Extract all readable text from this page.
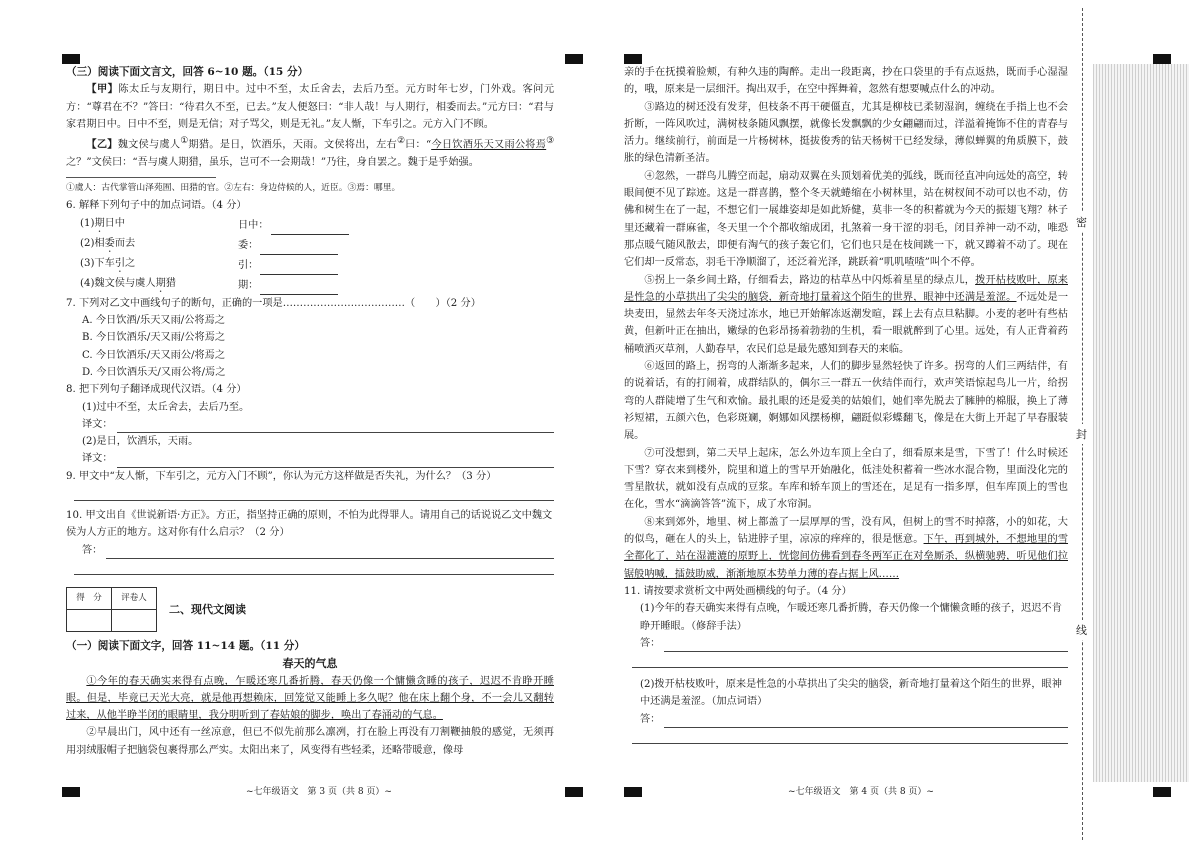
（三）阅读下面文言文，回答 6~10 题。（15 分）

【甲】陈太丘与友期行，期日中。过中不至，太丘舍去，去后乃至。元方时年七岁，门外戏。客问元方：“尊君在不？”答曰：“待君久不至，已去。”友人便怒曰：“非人哉！与人期行，相委而去。”元方曰：“君与家君期日中。日中不至，则是无信；对子骂父，则是无礼。”友人惭，下车引之。元方入门不顾。

【乙】魏文侯与虞人①期猎。是日，饮酒乐，天雨。文侯将出，左右②曰：“今日饮酒乐天又雨公将焉③之？”文侯曰：“吾与虞人期猎，虽乐，岂可不一会期哉！”乃往，身自罢之。魏于是乎始强。

①虞人：古代掌管山泽苑囿、田猎的官。②左右：身边侍候的人，近臣。③焉：哪里。

6. 解释下列句子中的加点词语。（4 分）

(1)期日中	日中：
(2)相委而去	委：
(3)下车引之	引：
(4)魏文侯与虞人期猎	期：

7. 下列对乙文中画线句子的断句，正确的一项是………………………………（　　）（2 分）

A. 今日饮酒/乐天又雨/公将焉之

B. 今日饮酒乐/天又雨/公将焉之

C. 今日饮酒乐/天又雨公/将焉之

D. 今日饮酒乐天/又雨公将/焉之

8. 把下列句子翻译成现代汉语。（4 分）

(1)过中不至，太丘舍去，去后乃至。

译文：

(2)是日，饮酒乐，天雨。

译文：

9. 甲文中“友人惭，下车引之，元方入门不顾”，你认为元方这样做是否失礼，为什么？（3 分）

10. 甲文出自《世说新语·方正》。方正，指坚持正确的原则，不怕为此得罪人。请用自己的话说说乙文中魏文侯为人方正的地方。这对你有什么启示？（2 分）

答：
得　分	评卷人

二、现代文阅读

（一）阅读下面文字，回答 11~14 题。（11 分）

春天的气息

①今年的春天确实来得有点晚，乍暖还寒几番折腾，春天仍像一个慵懒贪睡的孩子，迟迟不肯睁开睡眼。但是，毕竟已天光大亮，就是他再想赖床，回笼觉又能睡上多久呢？他在床上翻个身，不一会儿又翻转过来，从他半睁半闭的眼睛里，我分明听到了春姑娘的脚步，唤出了春涌动的气息。

②早晨出门，风中还有一丝凉意，但已不似先前那么凛冽，打在脸上再没有刀割鞭抽般的感觉，无须再用羽绒服帽子把脑袋包裹得那么严实。太阳出来了，风变得有些轻柔，还略带暖意，像母

~七年级语文　第 3 页（共 8 页）~

亲的手在抚摸着脸颊，有种久违的陶醉。走出一段距离，抄在口袋里的手有点返热，既而手心湿湿的，哦，原来是一层细汗。掏出双手，在空中挥舞着，忽然有想要喊点什么的冲动。

③路边的树还没有发芽，但枝条不再干硬僵直，尤其是柳枝已柔韧湿润，缠绕在手指上也不会折断，一阵风吹过，满树枝条随风飘摆，就像长发飘飘的少女翩翩而过，洋溢着掩饰不住的青春与活力。继续前行，前面是一片杨树林，挺拔俊秀的钻天杨树干已经发绿，薄似蝉翼的角质膜下，鼓胀的绿色清新圣洁。

④忽然，一群鸟儿腾空而起，扇动双翼在头顶划着优美的弧线，既而径直冲向远处的高空，转眼间便不见了踪迹。这是一群喜鹊，整个冬天就蜷缩在小树林里，站在树杈间不动可以也不动，仿佛和树生在了一起，不想它们一展雄姿却是如此矫健，莫非一冬的积蓄就为今天的振翅飞翔？林子里还藏着一群麻雀，冬天里一个个都收缩成团，扎煞着一身干涩的羽毛，闭目养神一动不动，唯恐那点暖气随风散去，即便有淘气的孩子轰它们，它们也只是在枝间跳一下，就又蹲着不动了。现在它们却一反常态，羽毛干净顺溜了，还泛着光泽，跳跃着“叽叽喳喳”叫个不停。

⑤拐上一条乡间土路，仔细看去，路边的枯草丛中闪烁着星星的绿点儿，拨开枯枝败叶，原来是性急的小草拱出了尖尖的脑袋，新奇地打量着这个陌生的世界，眼神中还满是羞涩。不远处是一块麦田，显然去年冬天浇过冻水，地已开始解冻返潮发暄，踩上去有点旦粘脚。小麦的老叶有些枯黄，但新叶正在抽出，嫩绿的色彩昂扬着勃勃的生机，看一眼就醉到了心里。远处，有人正背着药桶喷洒灭草剂，人勤春早，农民们总是最先感知到春天的来临。

⑥返回的路上，拐弯的人渐渐多起来，人们的脚步显然轻快了许多。拐弯的人们三两结伴，有的说着话，有的打闹着，成群结队的，偶尔三一群五一伙结伴而行，欢声笑语惊起鸟儿一片，给拐弯的人群陡增了生气和欢愉。最扎眼的还是爱美的姑娘们，她们率先脱去了臃肿的棉服，换上了薄衫短裙，五颜六色，色彩斑斓，婀娜如风摆杨柳，翩跹似彩蝶翻飞，像是在大街上开起了早春服装展。

⑦可没想到，第二天早上起床，怎么外边车顶上全白了，细看原来是雪，下雪了！什么时候还下雪？穿衣来到楼外，院里和道上的雪早开始融化，低洼处积蓄着一些冰水混合物，里面没化完的雪星散状，就如没有点成的豆浆。车库和轿车顶上的雪还在，足足有一指多厚，但车库顶上的雪也在化，雪水“滴滴答答”流下，成了水帘洞。

⑧来到郊外，地里、树上都盖了一层厚厚的雪，没有风，但树上的雪不时掉落，小的如花，大的似鸟，砸在人的头上，钻进脖子里，凉凉的痒痒的，很是惬意。下午，再到城外，不想地里的雪全都化了，站在湿漉漉的原野上，恍惚间仿佛看到春冬两军正在对垒厮杀，纵横驰骋，听见他们拉锯般呐喊，擂鼓助威，渐渐地原本势单力薄的春占据上风……

11. 请按要求赏析文中两处画横线的句子。（4 分）

(1)今年的春天确实来得有点晚，乍暖还寒几番折腾，春天仍像一个慵懒贪睡的孩子，迟迟不肯睁开睡眼。（修辞手法）

答：

(2)拨开枯枝败叶，原来是性急的小草拱出了尖尖的脑袋，新奇地打量着这个陌生的世界，眼神中还满是羞涩。（加点词语）

答：
~七年级语文　第 4 页（共 8 页）~
密
封
线
